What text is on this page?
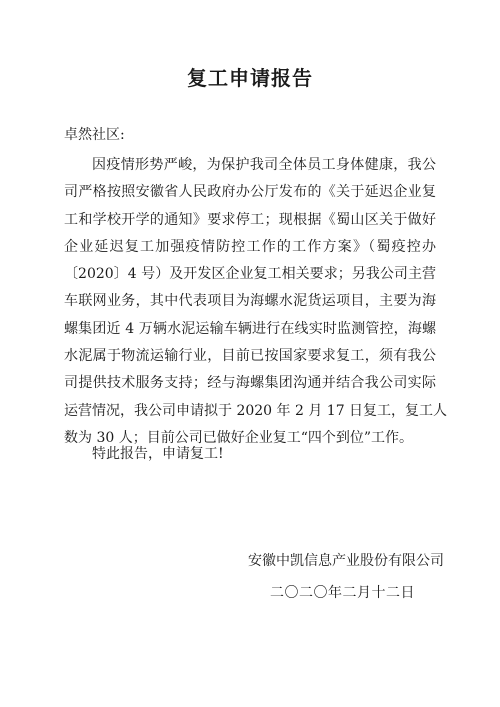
复工申请报告
卓然社区:
因疫情形势严峻，为保护我司全体员工身体健康，我公
司严格按照安徽省人民政府办公厅发布的《关于延迟企业复
工和学校开学的通知》要求停工；现根据《蜀山区关于做好
企业延迟复工加强疫情防控工作的工作方案》（蜀疫控办
〔2020〕4 号）及开发区企业复工相关要求；另我公司主营
车联网业务，其中代表项目为海螺水泥货运项目，主要为海
螺集团近 4 万辆水泥运输车辆进行在线实时监测管控，海螺
水泥属于物流运输行业，目前已按国家要求复工，须有我公
司提供技术服务支持；经与海螺集团沟通并结合我公司实际
运营情况，我公司申请拟于 2020 年 2 月 17 日复工，复工人
数为 30 人；目前公司已做好企业复工“四个到位”工作。
特此报告，申请复工!
安徽中凯信息产业股份有限公司
二〇二〇年二月十二日
